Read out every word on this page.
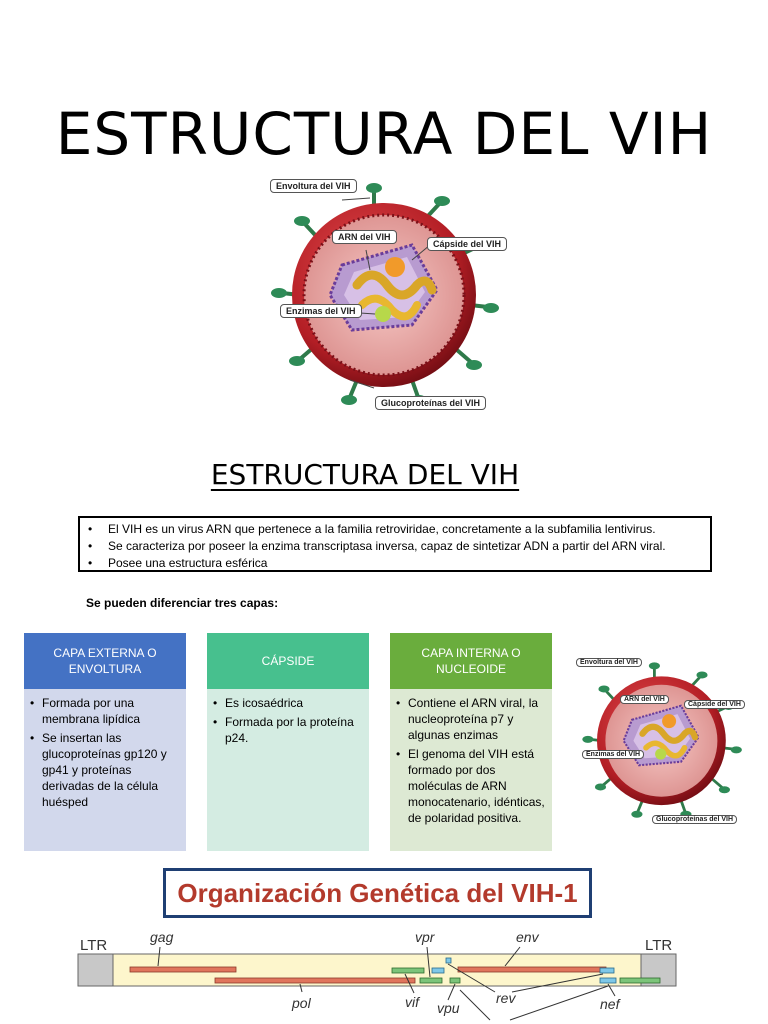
ESTRUCTURA DEL VIH
Envoltura del VIH
ARN del VIH
Cápside del VIH
Enzimas del VIH
Glucoproteínas del VIH
ESTRUCTURA DEL VIH
• El VIH es un virus ARN que pertenece a la familia retroviridae, concretamente a la subfamilia lentivirus.
• Se caracteriza por poseer la enzima transcriptasa inversa, capaz de sintetizar ADN a partir del ARN viral.
• Posee una estructura esférica
Se pueden diferenciar tres capas:
CAPA EXTERNA O ENVOLTURA
• Formada por una membrana lipídica
• Se insertan las glucoproteínas gp120 y gp41 y proteínas derivadas de la célula huésped
CÁPSIDE
• Es icosaédrica
• Formada por la proteína p24.
CAPA INTERNA O NUCLEOIDE
• Contiene el ARN viral, la nucleoproteína p7 y algunas enzimas
• El genoma del VIH está formado por dos moléculas de ARN monocatenario, idénticas, de polaridad positiva.
Envoltura del VIH
ARN del VIH
Cápside del VIH
Enzimas del VIH
Glucoproteínas del VIH
Organización Genética del VIH-1
LTR	LTR
gag
pol	vif
vpr
vpu
env
rev	nef
